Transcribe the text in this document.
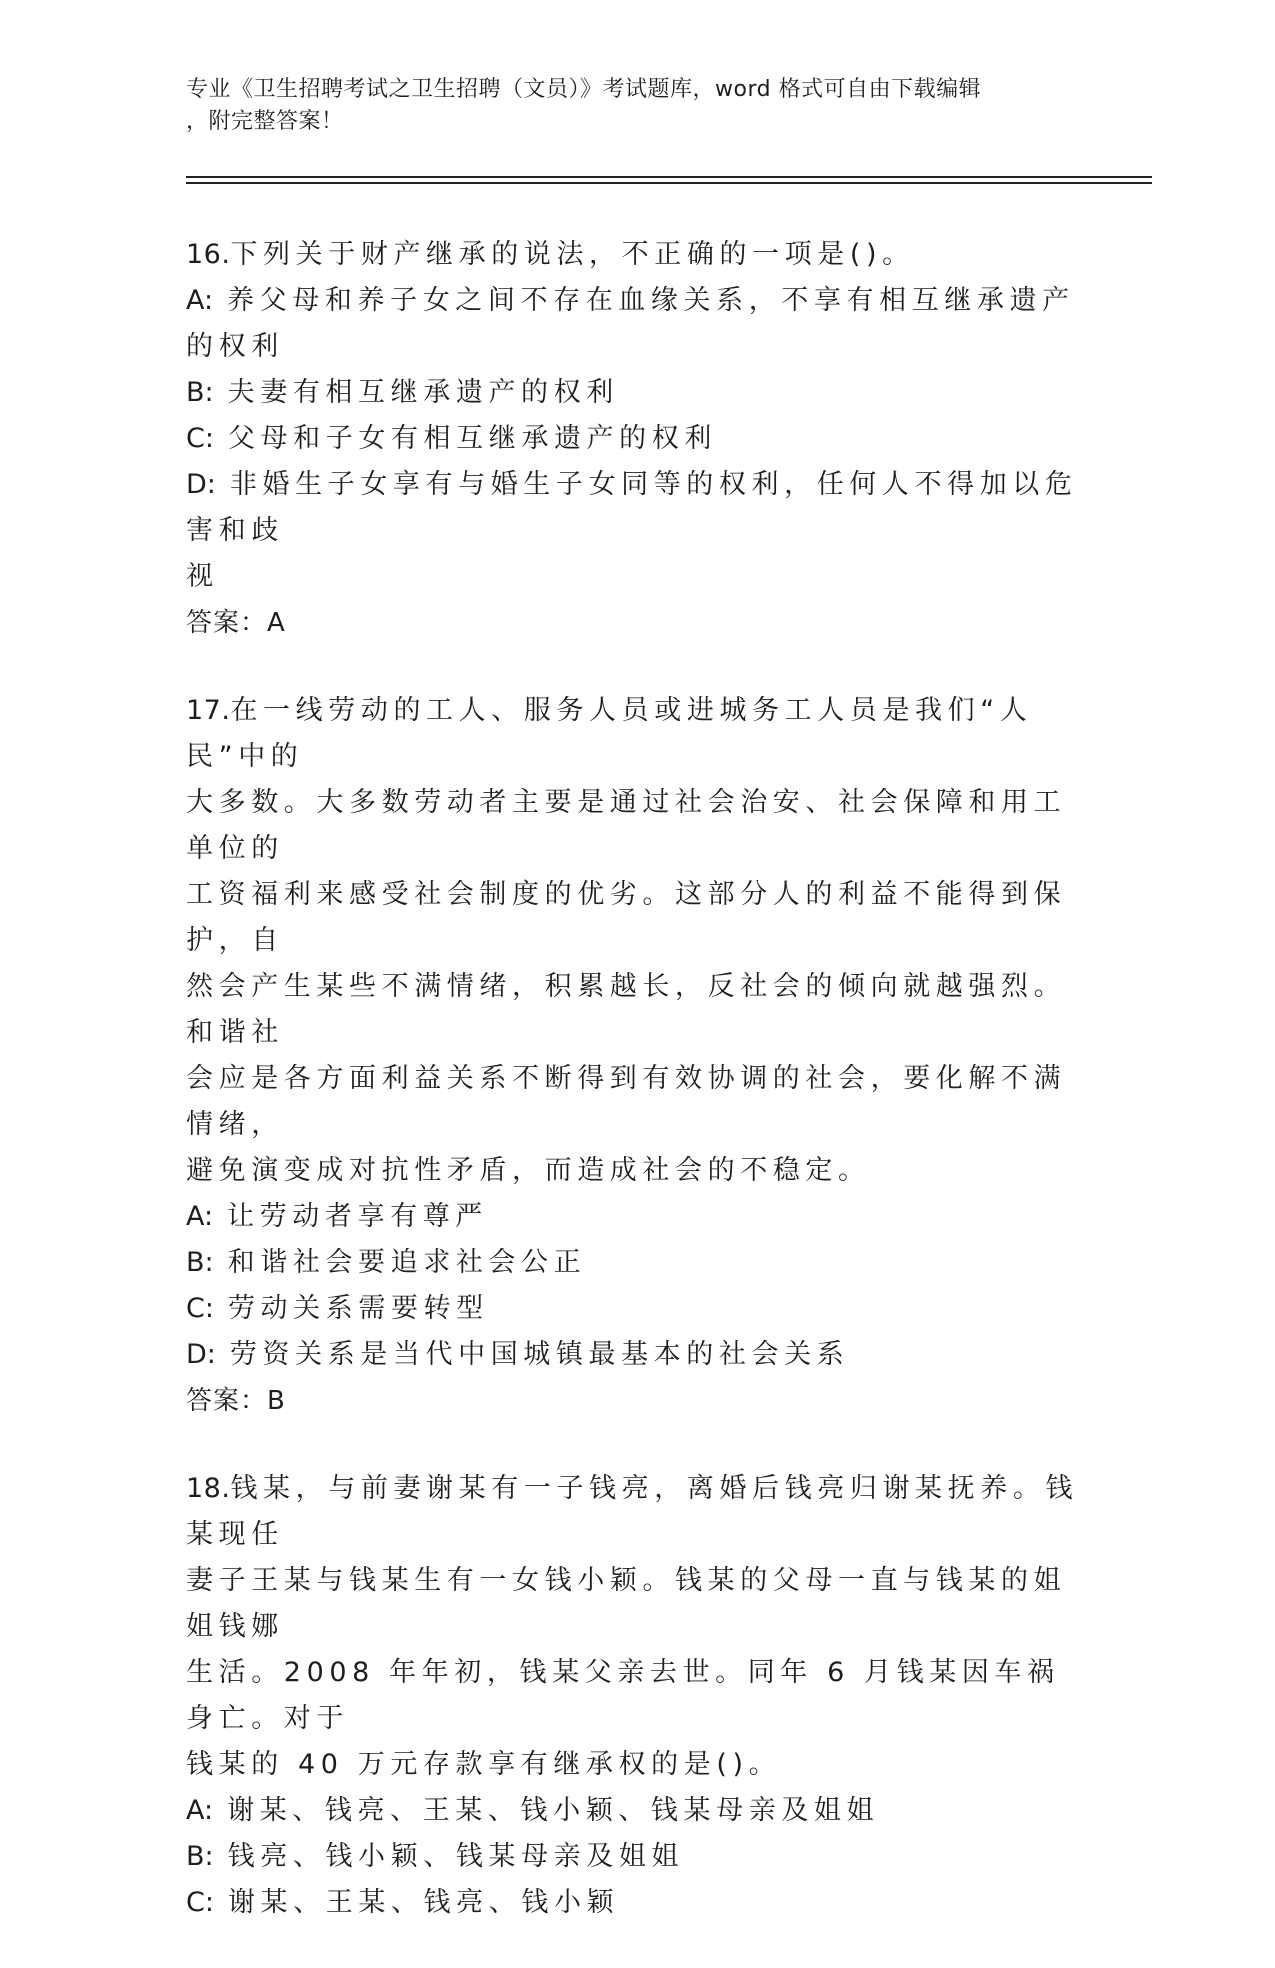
专业《卫生招聘考试之卫生招聘（文员）》考试题库，word 格式可自由下载编辑
，附完整答案！

16.下列关于财产继承的说法，不正确的一项是()。

A: 养父母和养子女之间不存在血缘关系，不享有相互继承遗产的权利

B: 夫妻有相互继承遗产的权利

C: 父母和子女有相互继承遗产的权利

D: 非婚生子女享有与婚生子女同等的权利，任何人不得加以危害和歧

视

答案：A

17.在一线劳动的工人、服务人员或进城务工人员是我们“人民”中的

大多数。大多数劳动者主要是通过社会治安、社会保障和用工单位的

工资福利来感受社会制度的优劣。这部分人的利益不能得到保护，自

然会产生某些不满情绪，积累越长，反社会的倾向就越强烈。和谐社

会应是各方面利益关系不断得到有效协调的社会，要化解不满情绪，

避免演变成对抗性矛盾，而造成社会的不稳定。

A: 让劳动者享有尊严

B: 和谐社会要追求社会公正

C: 劳动关系需要转型

D: 劳资关系是当代中国城镇最基本的社会关系

答案：B

18.钱某，与前妻谢某有一子钱亮，离婚后钱亮归谢某抚养。钱某现任

妻子王某与钱某生有一女钱小颖。钱某的父母一直与钱某的姐姐钱娜

生活。2008 年年初，钱某父亲去世。同年 6 月钱某因车祸身亡。对于

钱某的 40 万元存款享有继承权的是()。

A: 谢某、钱亮、王某、钱小颖、钱某母亲及姐姐

B: 钱亮、钱小颖、钱某母亲及姐姐

C: 谢某、王某、钱亮、钱小颖
